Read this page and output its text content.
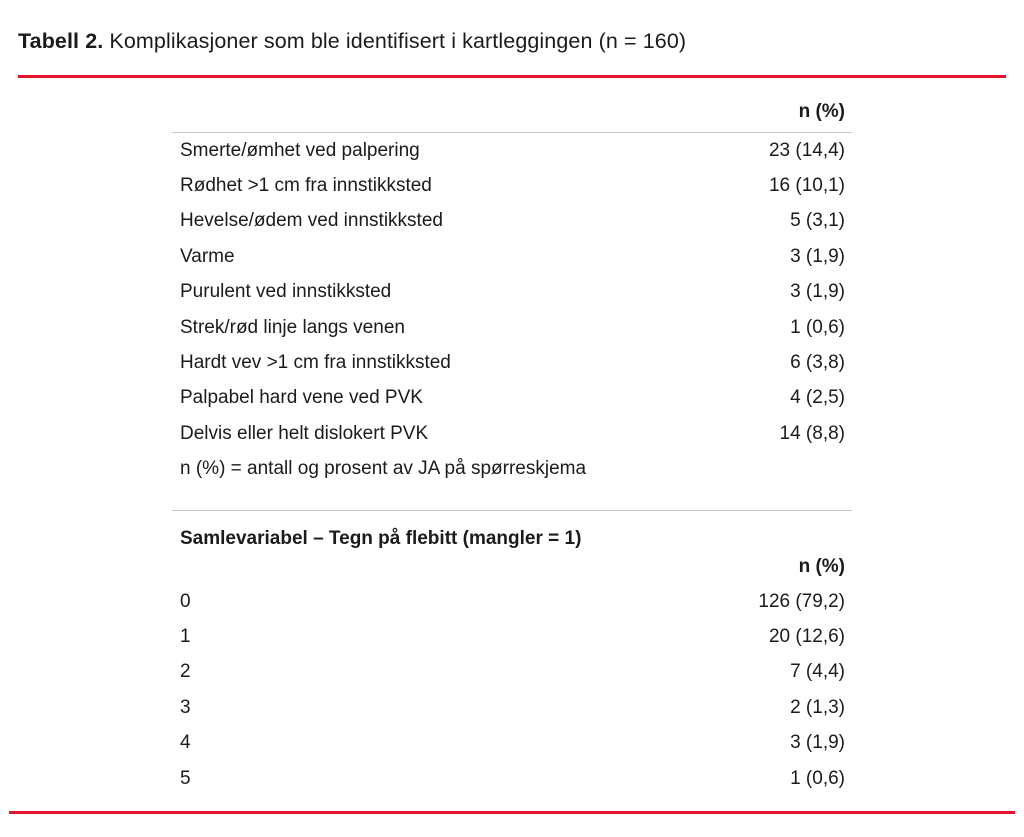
Tabell 2. Komplikasjoner som ble identifisert i kartleggingen (n = 160)
n (%)
Smerte/ømhet ved palpering	23 (14,4)
Rødhet >1 cm fra innstikksted	16 (10,1)
Hevelse/ødem ved innstikksted	5 (3,1)
Varme	3 (1,9)
Purulent ved innstikksted	3 (1,9)
Strek/rød linje langs venen	1 (0,6)
Hardt vev >1 cm fra innstikksted	6 (3,8)
Palpabel hard vene ved PVK	4 (2,5)
Delvis eller helt dislokert PVK	14 (8,8)
n (%) = antall og prosent av JA på spørreskjema
Samlevariabel – Tegn på flebitt (mangler = 1)
n (%)
0	126 (79,2)
1	20 (12,6)
2	7 (4,4)
3	2 (1,3)
4	3 (1,9)
5	1 (0,6)
